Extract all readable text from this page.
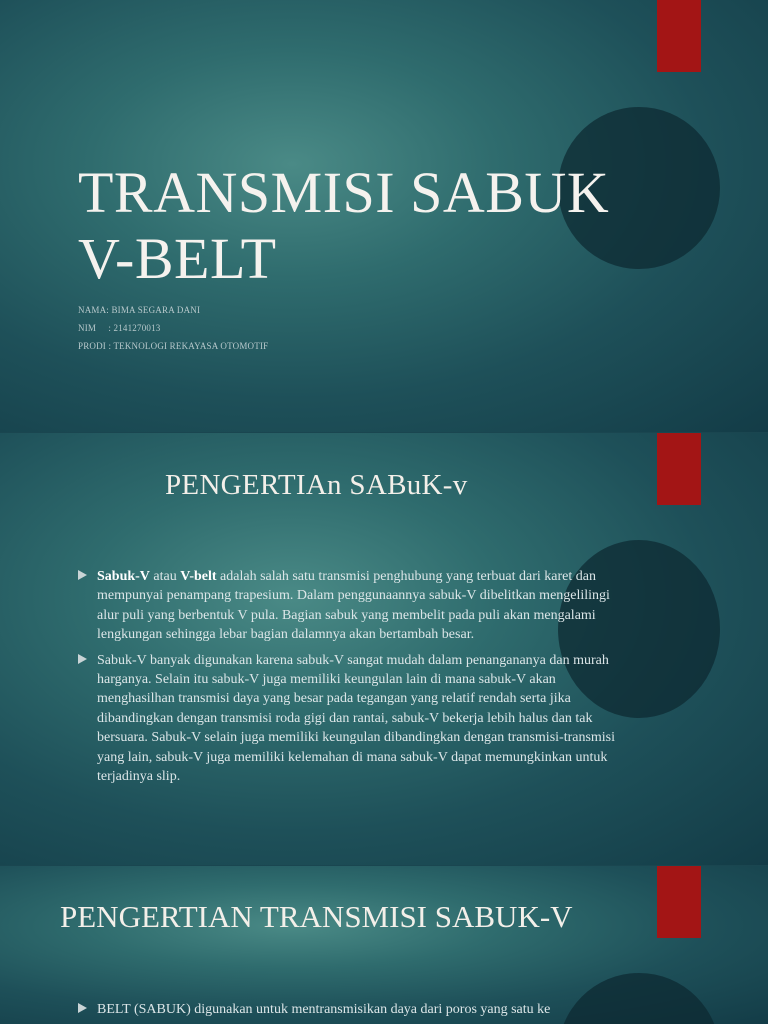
TRANSMISI SABUK
V-BELT

NAMA: BIMA SEGARA DANI

NIM     : 2141270013

PRODI : TEKNOLOGI REKAYASA OTOMOTIF

PENGERTIAn SABuK-v
Sabuk-V atau V-belt adalah salah satu transmisi penghubung yang terbuat dari karet dan mempunyai penampang trapesium. Dalam penggunaannya sabuk-V dibelitkan mengelilingi alur puli yang berbentuk V pula. Bagian sabuk yang membelit pada puli akan mengalami lengkungan sehingga lebar bagian dalamnya akan bertambah besar.
Sabuk-V banyak digunakan karena sabuk-V sangat mudah dalam penangananya dan murah harganya. Selain itu sabuk-V juga memiliki keungulan lain di mana sabuk-V akan menghasilhan transmisi daya yang besar pada tegangan yang relatif rendah serta jika dibandingkan dengan transmisi roda gigi dan rantai, sabuk-V bekerja lebih halus dan tak bersuara. Sabuk-V selain juga memiliki keungulan dibandingkan dengan transmisi-transmisi yang lain, sabuk-V juga memiliki kelemahan di mana sabuk-V dapat memungkinkan untuk terjadinya slip.
PENGERTIAN TRANSMISI SABUK-V
BELT (SABUK) digunakan untuk mentransmisikan daya dari poros yang satu ke
